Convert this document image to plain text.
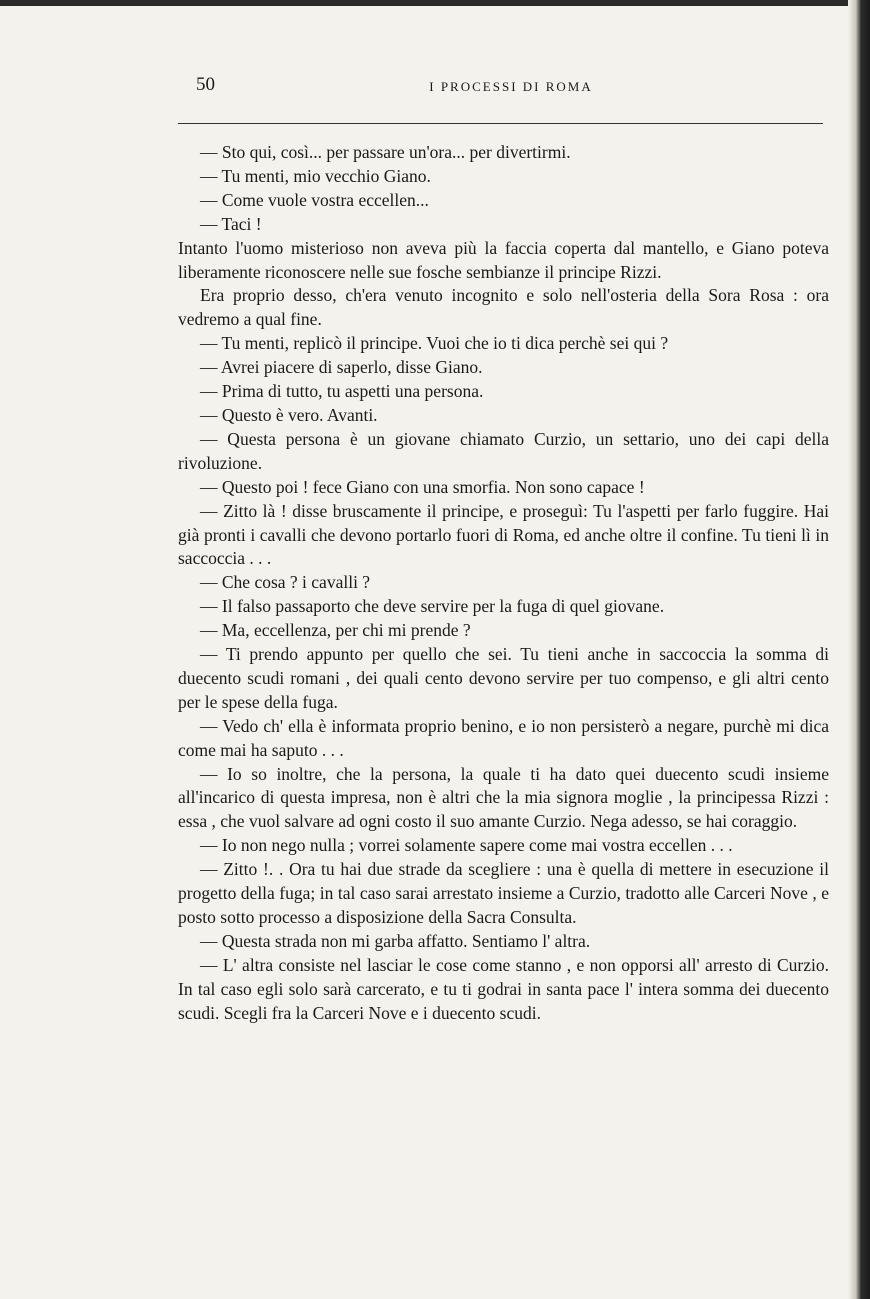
50	I PROCESSI DI ROMA

— Sto qui, così... per passare un'ora... per divertirmi.

— Tu menti, mio vecchio Giano.

— Come vuole vostra eccellen...

— Taci !

Intanto l'uomo misterioso non aveva più la faccia coperta dal mantello, e Giano poteva liberamente riconoscere nelle sue fosche sembianze il principe Rizzi.

Era proprio desso, ch'era venuto incognito e solo nell'osteria della Sora Rosa : ora vedremo a qual fine.

— Tu menti, replicò il principe. Vuoi che io ti dica perchè sei qui ?

— Avrei piacere di saperlo, disse Giano.

— Prima di tutto, tu aspetti una persona.

— Questo è vero. Avanti.

— Questa persona è un giovane chiamato Curzio, un settario, uno dei capi della rivoluzione.

— Questo poi ! fece Giano con una smorfia. Non sono capace !

— Zitto là ! disse bruscamente il principe, e proseguì: Tu l'aspetti per farlo fuggire. Hai già pronti i cavalli che devono portarlo fuori di Roma, ed anche oltre il confine. Tu tieni lì in saccoccia . . .

— Che cosa ? i cavalli ?

— Il falso passaporto che deve servire per la fuga di quel giovane.

— Ma, eccellenza, per chi mi prende ?

— Ti prendo appunto per quello che sei. Tu tieni anche in saccoccia la somma di duecento scudi romani , dei quali cento devono servire per tuo compenso, e gli altri cento per le spese della fuga.

— Vedo ch' ella è informata proprio benino, e io non persisterò a negare, purchè mi dica come mai ha saputo . . .

— Io so inoltre, che la persona, la quale ti ha dato quei duecento scudi insieme all'incarico di questa impresa, non è altri che la mia signora moglie , la principessa Rizzi : essa , che vuol salvare ad ogni costo il suo amante Curzio. Nega adesso, se hai coraggio.

— Io non nego nulla ; vorrei solamente sapere come mai vostra eccellen . . .

— Zitto !. . Ora tu hai due strade da scegliere : una è quella di mettere in esecuzione il progetto della fuga; in tal caso sarai arrestato insieme a Curzio, tradotto alle Carceri Nove , e posto sotto processo a disposizione della Sacra Consulta.

— Questa strada non mi garba affatto. Sentiamo l' altra.

— L' altra consiste nel lasciar le cose come stanno , e non opporsi all' arresto di Curzio. In tal caso egli solo sarà carcerato, e tu ti godrai in santa pace l' intera somma dei duecento scudi. Scegli fra la Carceri Nove e i duecento scudi.
